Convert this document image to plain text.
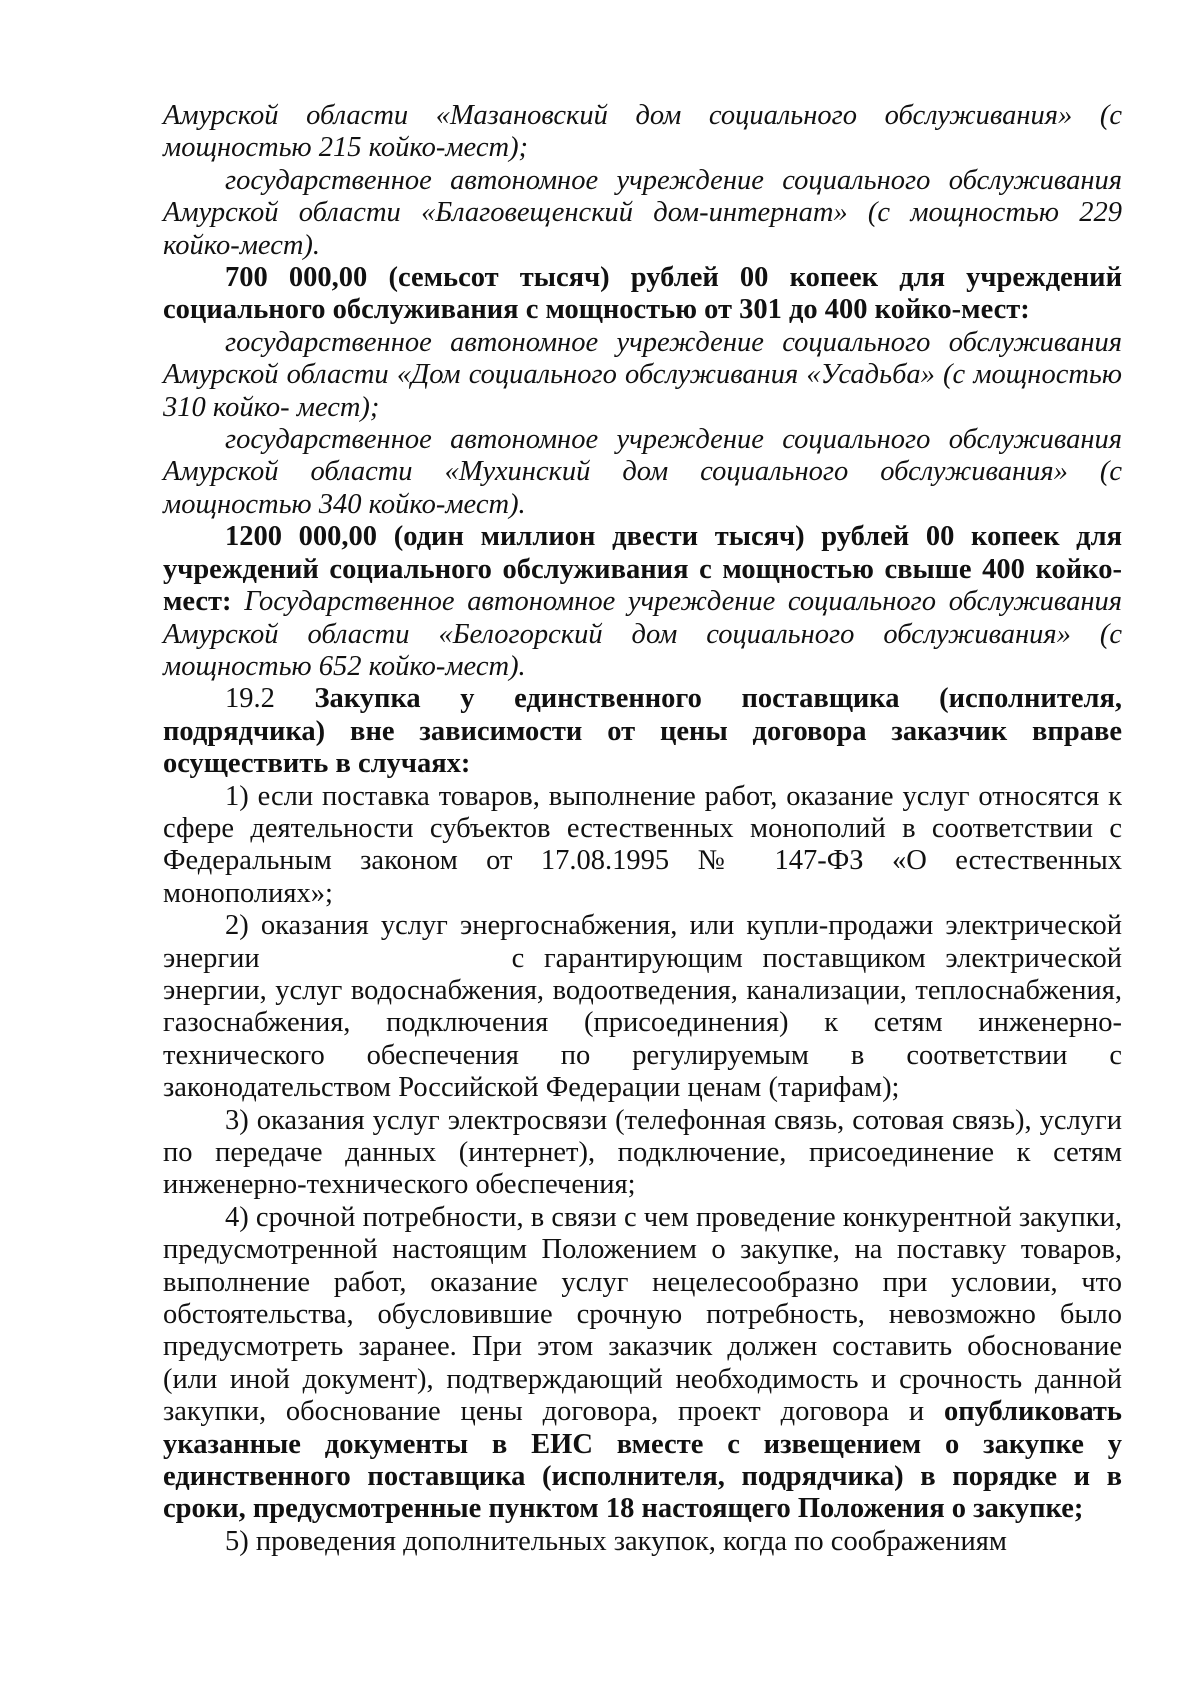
Амурской области «Мазановский дом социального обслуживания» (с мощностью 215 койко-мест);

государственное автономное учреждение социального обслуживания Амурской области «Благовещенский дом-интернат» (с мощностью 229 койко-мест).

700 000,00 (семьсот тысяч) рублей 00 копеек для учреждений социального обслуживания с мощностью от 301 до 400 койко-мест:

государственное автономное учреждение социального обслуживания Амурской области «Дом социального обслуживания «Усадьба» (с мощностью 310 койко- мест);

государственное автономное учреждение социального обслуживания Амурской области «Мухинский дом социального обслуживания» (с мощностью 340 койко-мест).

1200 000,00 (один миллион двести тысяч) рублей 00 копеек для учреждений социального обслуживания с мощностью свыше 400 койко-мест: Государственное автономное учреждение социального обслуживания Амурской области «Белогорский дом социального обслуживания» (с мощностью 652 койко-мест).

19.2 Закупка у единственного поставщика (исполнителя, подрядчика) вне зависимости от цены договора заказчик вправе осуществить в случаях:

1) если поставка товаров, выполнение работ, оказание услуг относятся к сфере деятельности субъектов естественных монополий в соответствии с Федеральным законом от 17.08.1995 № 147-ФЗ «О естественных монополиях»;

2) оказания услуг энергоснабжения, или купли-продажи электрической энергии	с гарантирующим поставщиком электрической энергии, услуг водоснабжения, водоотведения, канализации, теплоснабжения, газоснабжения, подключения (присоединения) к сетям инженерно-технического обеспечения по регулируемым в соответствии с законодательством Российской Федерации ценам (тарифам);

3) оказания услуг электросвязи (телефонная связь, сотовая связь), услуги по передаче данных (интернет), подключение, присоединение к сетям инженерно-технического обеспечения;

4) срочной потребности, в связи с чем проведение конкурентной закупки, предусмотренной настоящим Положением о закупке, на поставку товаров, выполнение работ, оказание услуг нецелесообразно при условии, что обстоятельства, обусловившие срочную потребность, невозможно было предусмотреть заранее. При этом заказчик должен составить обоснование (или иной документ), подтверждающий необходимость и срочность данной закупки, обоснование цены договора, проект договора и опубликовать указанные документы в ЕИС вместе с извещением о закупке у единственного поставщика (исполнителя, подрядчика) в порядке и в сроки, предусмотренные пунктом 18 настоящего Положения о закупке;

5) проведения дополнительных закупок, когда по соображениям
